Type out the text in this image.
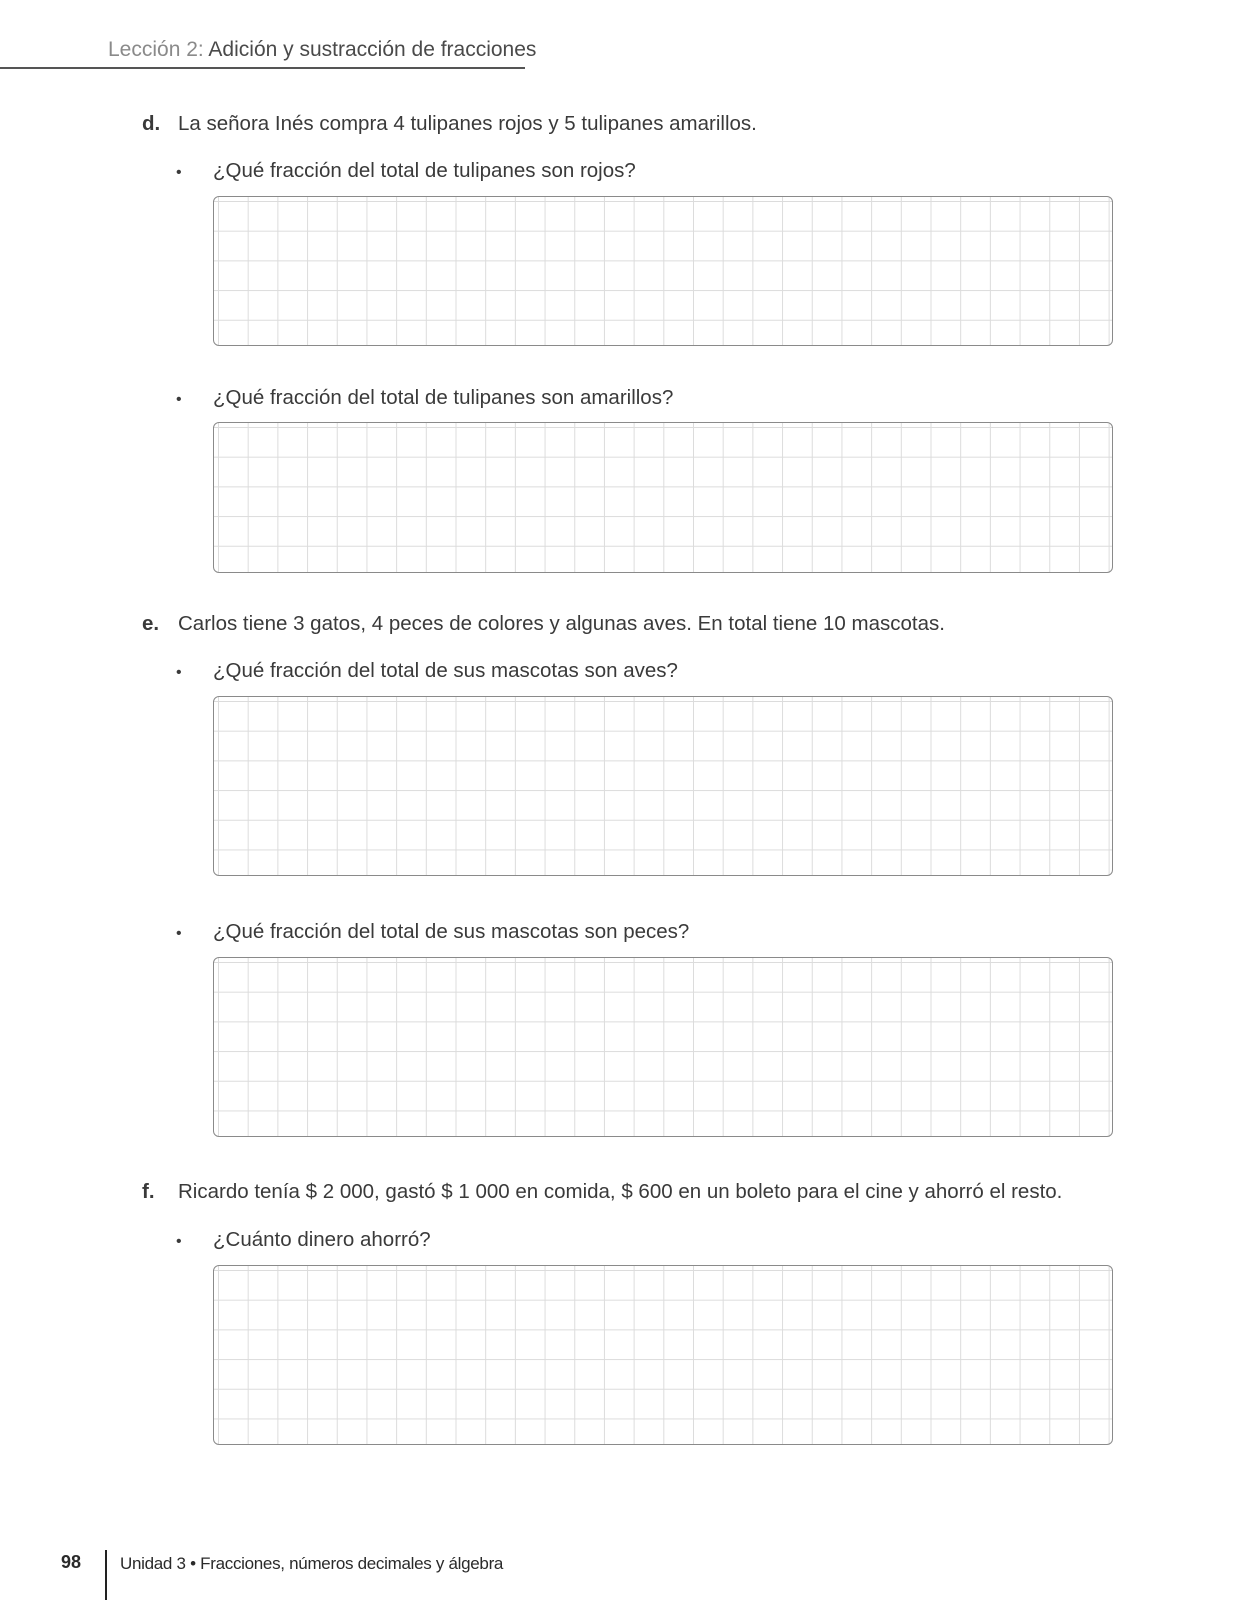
Lección 2: Adición y sustracción de fracciones
d. La señora Inés compra 4 tulipanes rojos y 5 tulipanes amarillos.
• ¿Qué fracción del total de tulipanes son rojos?
• ¿Qué fracción del total de tulipanes son amarillos?
e. Carlos tiene 3 gatos, 4 peces de colores y algunas aves. En total tiene 10 mascotas.
• ¿Qué fracción del total de sus mascotas son aves?
• ¿Qué fracción del total de sus mascotas son peces?
f. Ricardo tenía $ 2 000, gastó $ 1 000 en comida, $ 600 en un boleto para el cine y ahorró el resto.
• ¿Cuánto dinero ahorró?
98 Unidad 3 • Fracciones, números decimales y álgebra
